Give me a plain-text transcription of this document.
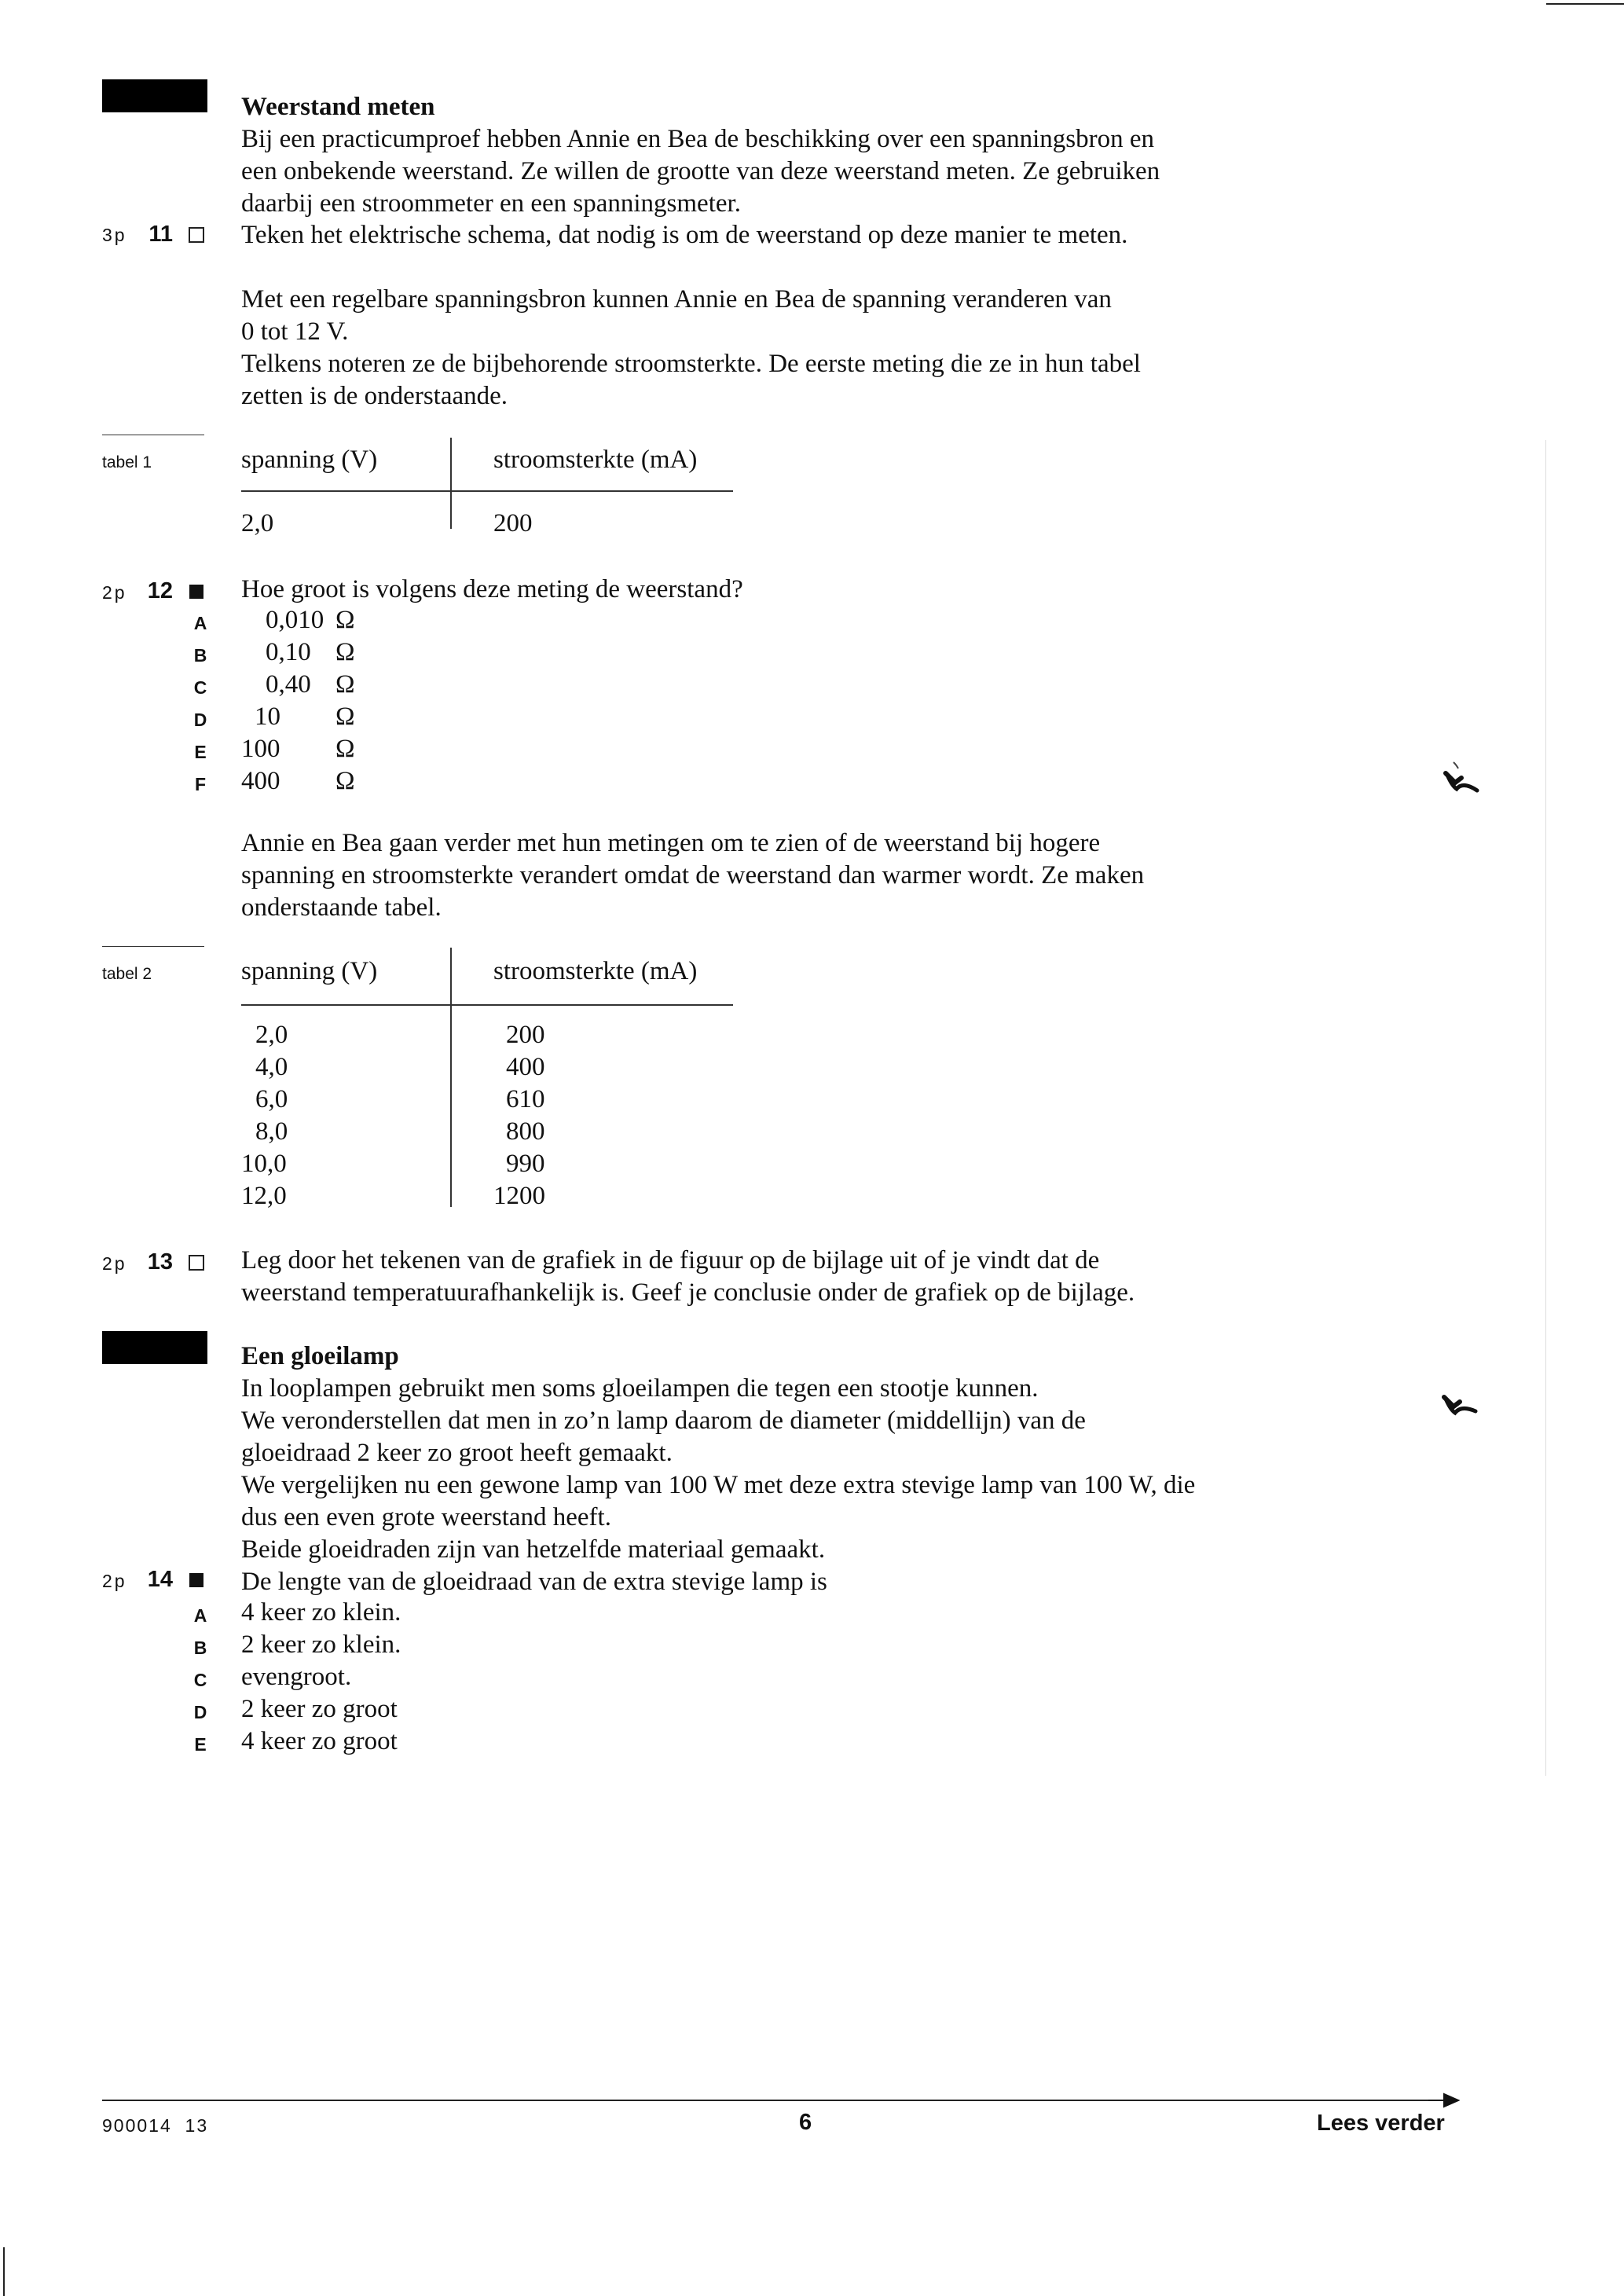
Weerstand meten
Bij een practicumproef hebben Annie en Bea de beschikking over een spanningsbron en
een onbekende weerstand. Ze willen de grootte van deze weerstand meten. Ze gebruiken
daarbij een stroommeter en een spanningsmeter.
3p 11	Teken het elektrische schema, dat nodig is om de weerstand op deze manier te meten.
Met een regelbare spanningsbron kunnen Annie en Bea de spanning veranderen van
0 tot 12 V.
Telkens noteren ze de bijbehorende stroomsterkte. De eerste meting die ze in hun tabel
zetten is de onderstaande.
tabel 1	spanning (V)	stroomsterkte (mA)
2,0	200
2p 12	Hoe groot is volgens deze meting de weerstand?
A 0,010 Ω
B 0,10 Ω
C 0,40 Ω
D 10 Ω
E 100 Ω
F 400 Ω
Annie en Bea gaan verder met hun metingen om te zien of de weerstand bij hogere
spanning en stroomsterkte verandert omdat de weerstand dan warmer wordt. Ze maken
onderstaande tabel.
tabel 2	spanning (V)	stroomsterkte (mA)
2,0	200
4,0	400
6,0	610
8,0	800
10,0	990
12,0	1200
2p 13	Leg door het tekenen van de grafiek in de figuur op de bijlage uit of je vindt dat de
weerstand temperatuurafhankelijk is. Geef je conclusie onder de grafiek op de bijlage.
Een gloeilamp
In looplampen gebruikt men soms gloeilampen die tegen een stootje kunnen.
We veronderstellen dat men in zo’n lamp daarom de diameter (middellijn) van de
gloeidraad 2 keer zo groot heeft gemaakt.
We vergelijken nu een gewone lamp van 100 W met deze extra stevige lamp van 100 W, die
dus een even grote weerstand heeft.
Beide gloeidraden zijn van hetzelfde materiaal gemaakt.
2p 14	De lengte van de gloeidraad van de extra stevige lamp is
A 4 keer zo klein.
B 2 keer zo klein.
C evengroot.
D 2 keer zo groot
E 4 keer zo groot
900014  13	6	Lees verder
